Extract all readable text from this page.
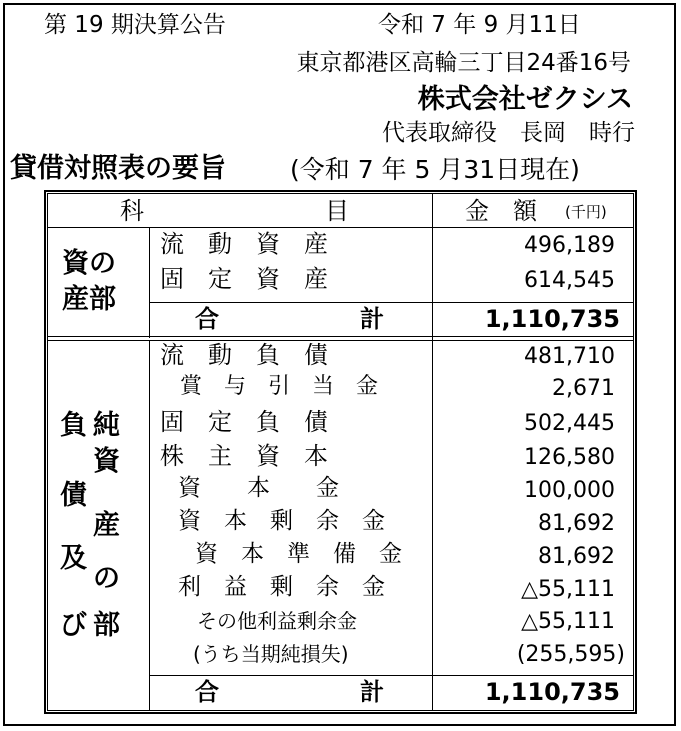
第 19 期決算公告	令和 7 年 9 月11日
東京都港区高輪三丁目24番16号
株式会社ゼクシス
代表取締役　長岡　時行
貸借対照表の要旨	(令和 7 年 5 月31日現在)
科	目	金　額 (千円)
資の
産部
流　動　資　産	496,189
固　定　資　産	614,545
合	計	1,110,735
負 純
資
債
産
及
の
び 部
流　動　負　債	481,710
賞　与　引　当　金	2,671
固　定　負　債	502,445
株　主　資　本	126,580
資　　本　　金	100,000
資　本　剰　余　金	81,692
資　本　準　備　金	81,692
利　益　剰　余　金	△55,111
その他利益剰余金	△55,111
(うち当期純損失)	(255,595)
合	計	1,110,735
